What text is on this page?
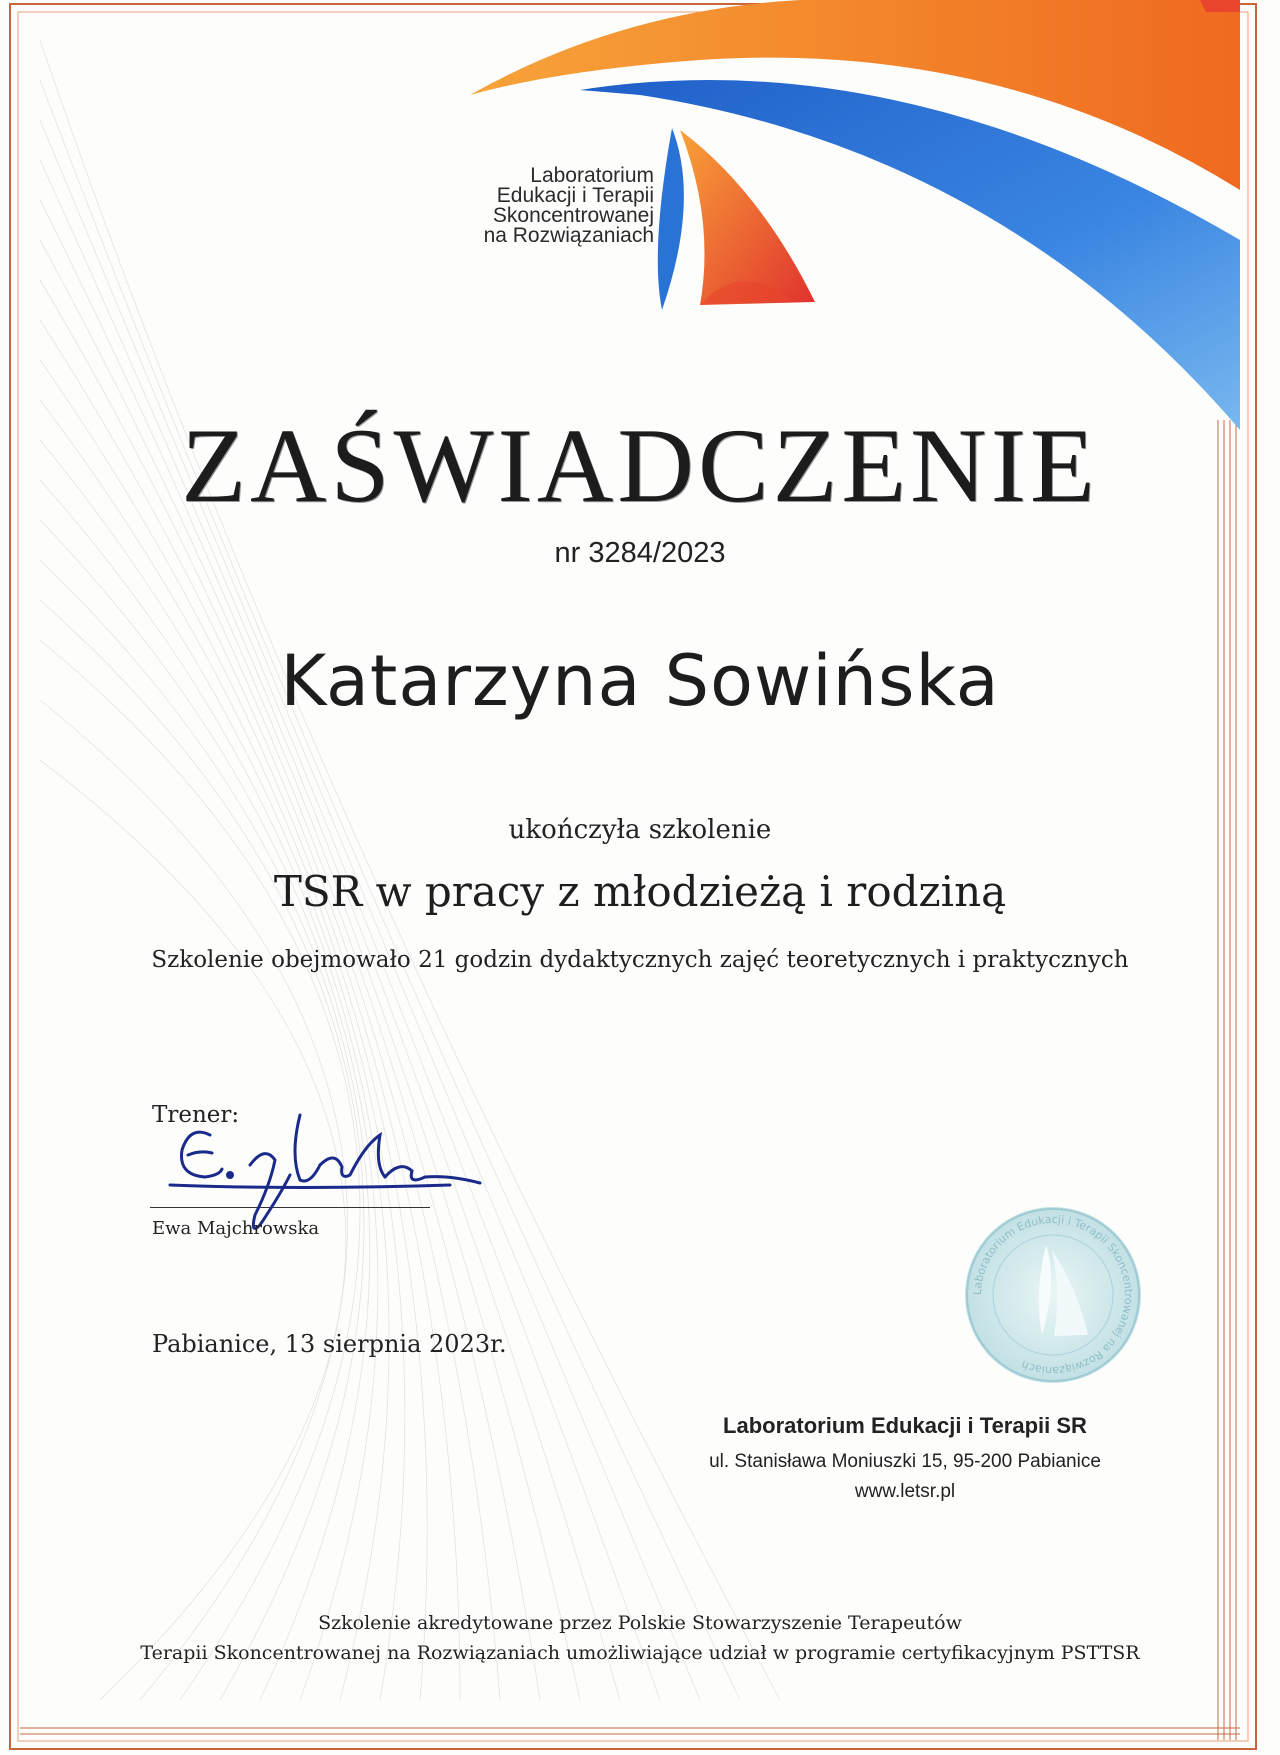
Laboratorium
Edukacji i Terapii
Skoncentrowanej
na Rozwiązaniach
ZAŚWIADCZENIE
nr 3284/2023
Katarzyna Sowińska
ukończyła szkolenie
TSR w pracy z młodzieżą i rodziną
Szkolenie obejmowało 21 godzin dydaktycznych zajęć teoretycznych i praktycznych
Trener:
Ewa Majchrowska
Pabianice, 13 sierpnia 2023r.
Laboratorium Edukacji i Terapii Skoncentrowanej na Rozwiązaniach
Laboratorium Edukacji i Terapii SR
ul. Stanisława Moniuszki 15, 95-200 Pabianice
www.letsr.pl
Szkolenie akredytowane przez Polskie Stowarzyszenie Terapeutów
Terapii Skoncentrowanej na Rozwiązaniach umożliwiające udział w programie certyfikacyjnym PSTTSR
